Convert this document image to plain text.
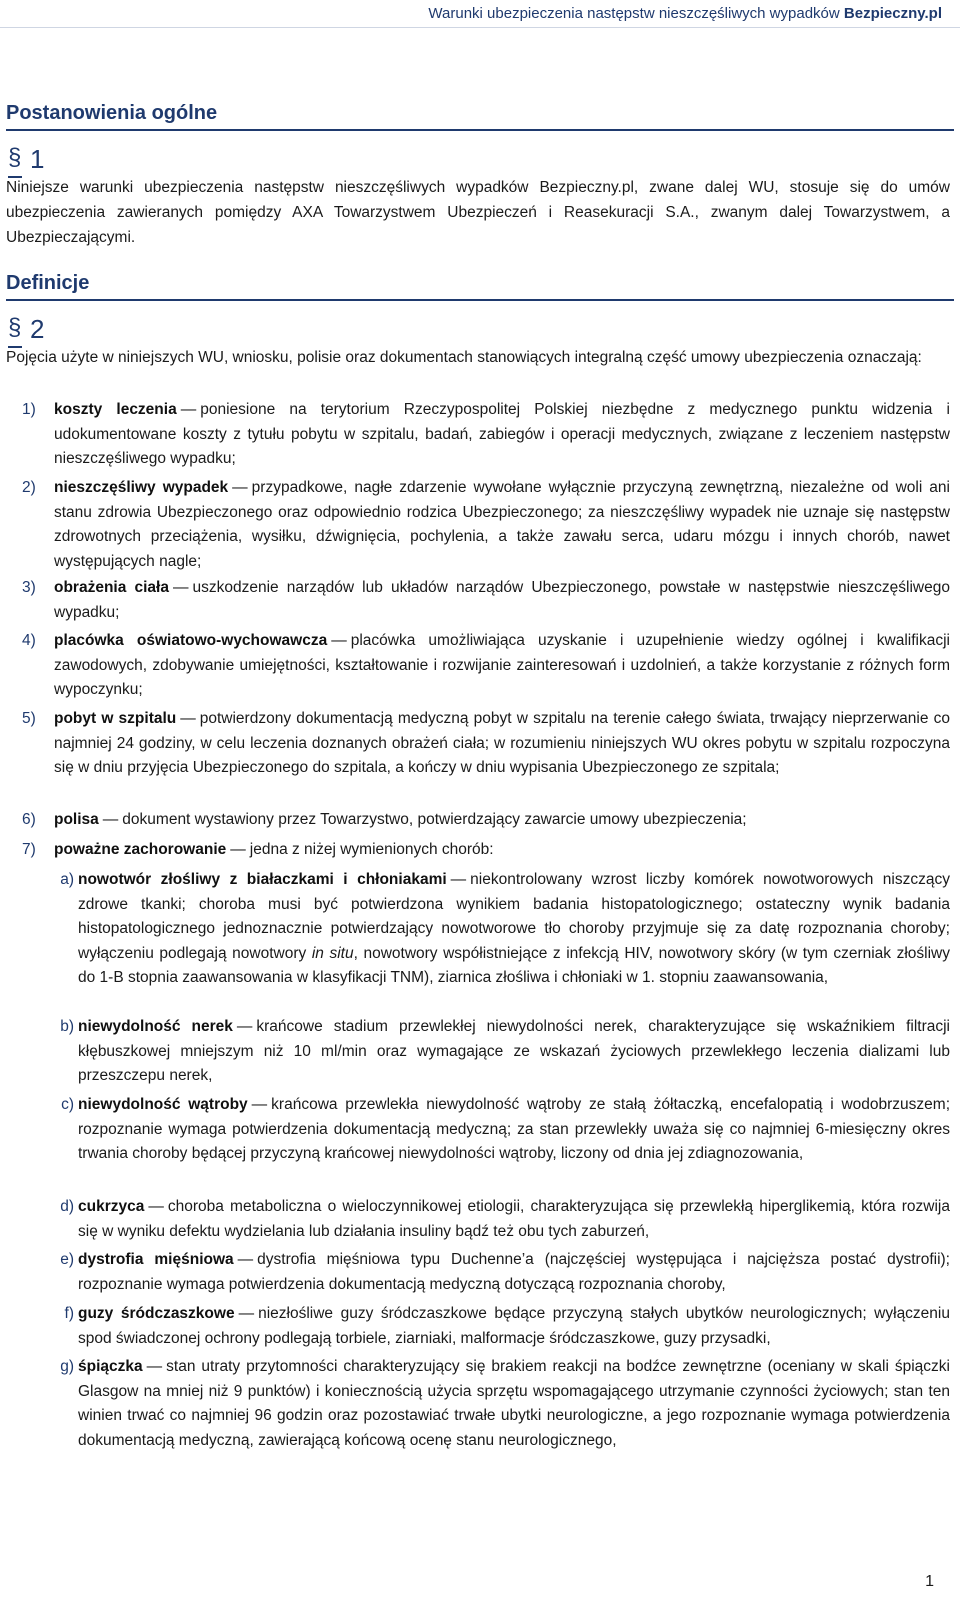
Warunki ubezpieczenia następstw nieszczęśliwych wypadków Bezpieczny.pl
Postanowienia ogólne
§ 1
Niniejsze warunki ubezpieczenia następstw nieszczęśliwych wypadków Bezpieczny.pl, zwane dalej WU, stosuje się do umów ubezpieczenia zawieranych pomiędzy AXA Towarzystwem Ubezpieczeń i Reasekuracji S.A., zwanym dalej Towarzystwem, a Ubezpieczającymi.
Definicje
§ 2
Pojęcia użyte w niniejszych WU, wniosku, polisie oraz dokumentach stanowiących integralną część umowy ubezpieczenia oznaczają:
1)	koszty leczenia — poniesione na terytorium Rzeczypospolitej Polskiej niezbędne z medycznego punktu widzenia i udokumentowane koszty z tytułu pobytu w szpitalu, badań, zabiegów i operacji medycznych, związane z leczeniem następstw nieszczęśliwego wypadku;
2)	nieszczęśliwy wypadek — przypadkowe, nagłe zdarzenie wywołane wyłącznie przyczyną zewnętrzną, niezależne od woli ani stanu zdrowia Ubezpieczonego oraz odpowiednio rodzica Ubezpieczonego; za nieszczęśliwy wypadek nie uznaje się następstw zdrowotnych przeciążenia, wysiłku, dźwignięcia, pochylenia, a także zawału serca, udaru mózgu i innych chorób, nawet występujących nagle;
3)	obrażenia ciała — uszkodzenie narządów lub układów narządów Ubezpieczonego, powstałe w następstwie nieszczęśliwego wypadku;
4)	placówka oświatowo-wychowawcza — placówka umożliwiająca uzyskanie i uzupełnienie wiedzy ogólnej i kwalifikacji zawodowych, zdobywanie umiejętności, kształtowanie i rozwijanie zainteresowań i uzdolnień, a także korzystanie z różnych form wypoczynku;
5)	pobyt w szpitalu — potwierdzony dokumentacją medyczną pobyt w szpitalu na terenie całego świata, trwający nieprzerwanie co najmniej 24 godziny, w celu leczenia doznanych obrażeń ciała; w rozumieniu niniejszych WU okres pobytu w szpitalu rozpoczyna się w dniu przyjęcia Ubezpieczonego do szpitala, a kończy w dniu wypisania Ubezpieczonego ze szpitala;
6)	polisa — dokument wystawiony przez Towarzystwo, potwierdzający zawarcie umowy ubezpieczenia;
7)	poważne zachorowanie — jedna z niżej wymienionych chorób:
a) nowotwór złośliwy z białaczkami i chłoniakami — niekontrolowany wzrost liczby komórek nowotworowych niszczący zdrowe tkanki; choroba musi być potwierdzona wynikiem badania histopatologicznego; ostateczny wynik badania histopatologicznego jednoznacznie potwierdzający nowotworowe tło choroby przyjmuje się za datę rozpoznania choroby; wyłączeniu podlegają nowotwory in situ, nowotwory współistniejące z infekcją HIV, nowotwory skóry (w tym czerniak złośliwy do 1-B stopnia zaawansowania w klasyfikacji TNM), ziarnica złośliwa i chłoniaki w 1. stopniu zaawansowania,
b) niewydolność nerek — krańcowe stadium przewlekłej niewydolności nerek, charakteryzujące się wskaźnikiem filtracji kłębuszkowej mniejszym niż 10 ml/min oraz wymagające ze wskazań życiowych przewlekłego leczenia dializami lub przeszczepu nerek,
c) niewydolność wątroby — krańcowa przewlekła niewydolność wątroby ze stałą żółtaczką, encefalopatią i wodobrzuszem; rozpoznanie wymaga potwierdzenia dokumentacją medyczną; za stan przewlekły uważa się co najmniej 6-miesięczny okres trwania choroby będącej przyczyną krańcowej niewydolności wątroby, liczony od dnia jej zdiagnozowania,
d) cukrzyca — choroba metaboliczna o wieloczynnikowej etiologii, charakteryzująca się przewlekłą hiperglikemią, która rozwija się w wyniku defektu wydzielania lub działania insuliny bądź też obu tych zaburzeń,
e) dystrofia mięśniowa — dystrofia mięśniowa typu Duchenne’a (najczęściej występująca i najcięższa postać dystrofii); rozpoznanie wymaga potwierdzenia dokumentacją medyczną dotyczącą rozpoznania choroby,
f) guzy śródczaszkowe — niezłośliwe guzy śródczaszkowe będące przyczyną stałych ubytków neurologicznych; wyłączeniu spod świadczonej ochrony podlegają torbiele, ziarniaki, malformacje śródczaszkowe, guzy przysadki,
g) śpiączka — stan utraty przytomności charakteryzujący się brakiem reakcji na bodźce zewnętrzne (oceniany w skali śpiączki Glasgow na mniej niż 9 punktów) i koniecznością użycia sprzętu wspomagającego utrzymanie czynności życiowych; stan ten winien trwać co najmniej 96 godzin oraz pozostawiać trwałe ubytki neurologiczne, a jego rozpoznanie wymaga potwierdzenia dokumentacją medyczną, zawierającą końcową ocenę stanu neurologicznego,
1
